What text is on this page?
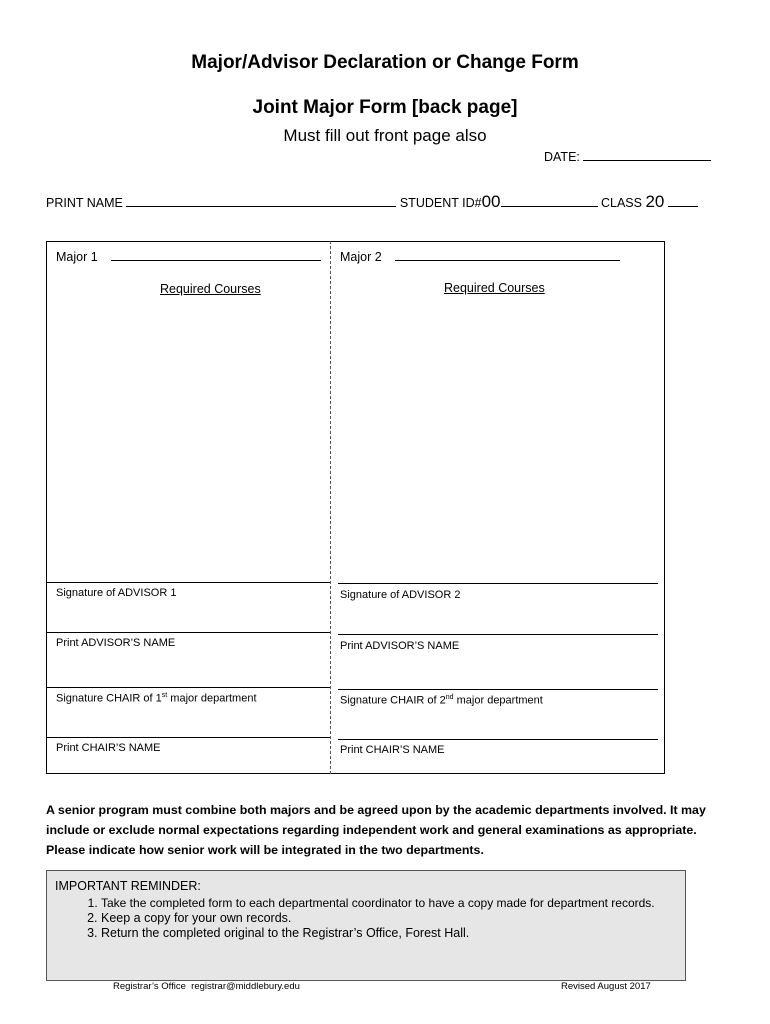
Major/Advisor Declaration or Change Form
Joint Major Form [back page]
Must fill out front page also
DATE:
PRINT NAME	STUDENT ID#00	CLASS 20
Major 1
Required Courses
Signature of ADVISOR 1
Print ADVISOR’S NAME
Signature CHAIR of 1st major department
Print CHAIR’S NAME
Major 2
Required Courses
Signature of ADVISOR 2
Print ADVISOR’S NAME
Signature CHAIR of 2nd major department
Print CHAIR’S NAME
A senior program must combine both majors and be agreed upon by the academic departments involved. It may include or exclude normal expectations regarding independent work and general examinations as appropriate. Please indicate how senior work will be integrated in the two departments.
IMPORTANT REMINDER:
1. Take the completed form to each departmental coordinator to have a copy made for department records.
2. Keep a copy for your own records.
3. Return the completed original to the Registrar’s Office, Forest Hall.
Registrar’s Office registrar@middlebury.edu	Revised August 2017
